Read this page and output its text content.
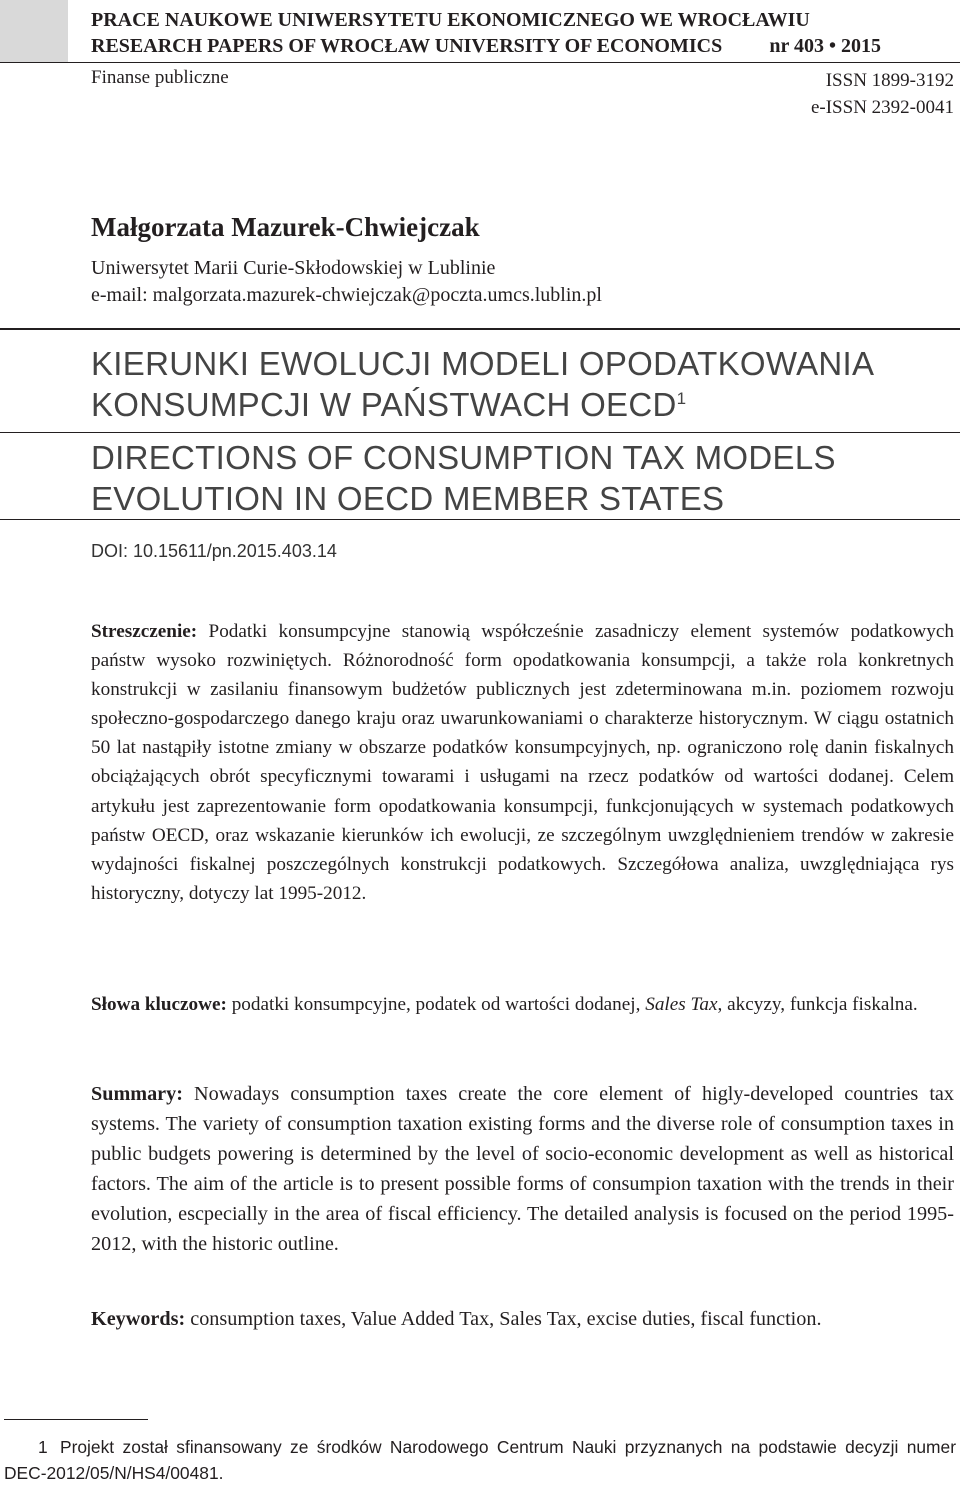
PRACE NAUKOWE UNIWERSYTETU EKONOMICZNEGO WE WROCŁAWIU
RESEARCH PAPERS OF WROCŁAW UNIVERSITY OF ECONOMICS nr 403 • 2015
Finanse publiczne	ISSN 1899-3192
e-ISSN 2392-0041
Małgorzata Mazurek-Chwiejczak
Uniwersytet Marii Curie-Skłodowskiej w Lublinie
e-mail: malgorzata.mazurek-chwiejczak@poczta.umcs.lublin.pl
KIERUNKI EWOLUCJI MODELI OPODATKOWANIA
KONSUMPCJI W PAŃSTWACH OECD$^1$
DIRECTIONS OF CONSUMPTION TAX MODELS
EVOLUTION IN OECD MEMBER STATES
DOI: 10.15611/pn.2015.403.14
Streszczenie: Podatki konsumpcyjne stanowią współcześnie zasadniczy element systemów podatkowych państw wysoko rozwiniętych. Różnorodność form opodatkowania konsumpcji, a także rola konkretnych konstrukcji w zasilaniu finansowym budżetów publicznych jest zdeterminowana m.in. poziomem rozwoju społeczno-gospodarczego danego kraju oraz uwarunkowaniami o charakterze historycznym. W ciągu ostatnich 50 lat nastąpiły istotne zmiany w obszarze podatków konsumpcyjnych, np. ograniczono rolę danin fiskalnych obciążających obrót specyficznymi towarami i usługami na rzecz podatków od wartości dodanej. Celem artykułu jest zaprezentowanie form opodatkowania konsumpcji, funkcjonujących w systemach podatkowych państw OECD, oraz wskazanie kierunków ich ewolucji, ze szczególnym uwzględnieniem trendów w zakresie wydajności fiskalnej poszczególnych konstrukcji podatkowych. Szczegółowa analiza, uwzględniająca rys historyczny, dotyczy lat 1995-2012.
Słowa kluczowe: podatki konsumpcyjne, podatek od wartości dodanej, Sales Tax, akcyzy, funkcja fiskalna.
Summary: Nowadays consumption taxes create the core element of higly-developed countries tax systems. The variety of consumption taxation existing forms and the diverse role of consumption taxes in public budgets powering is determined by the level of socio-economic development as well as historical factors. The aim of the article is to present possible forms of consumpion taxation with the trends in their evolution, escpecially in the area of fiscal efficiency. The detailed analysis is focused on the period 1995-2012, with the historic outline.
Keywords: consumption taxes, Value Added Tax, Sales Tax, excise duties, fiscal function.
1 Projekt został sfinansowany ze środków Narodowego Centrum Nauki przyznanych na podstawie decyzji numer DEC-2012/05/N/HS4/00481.
